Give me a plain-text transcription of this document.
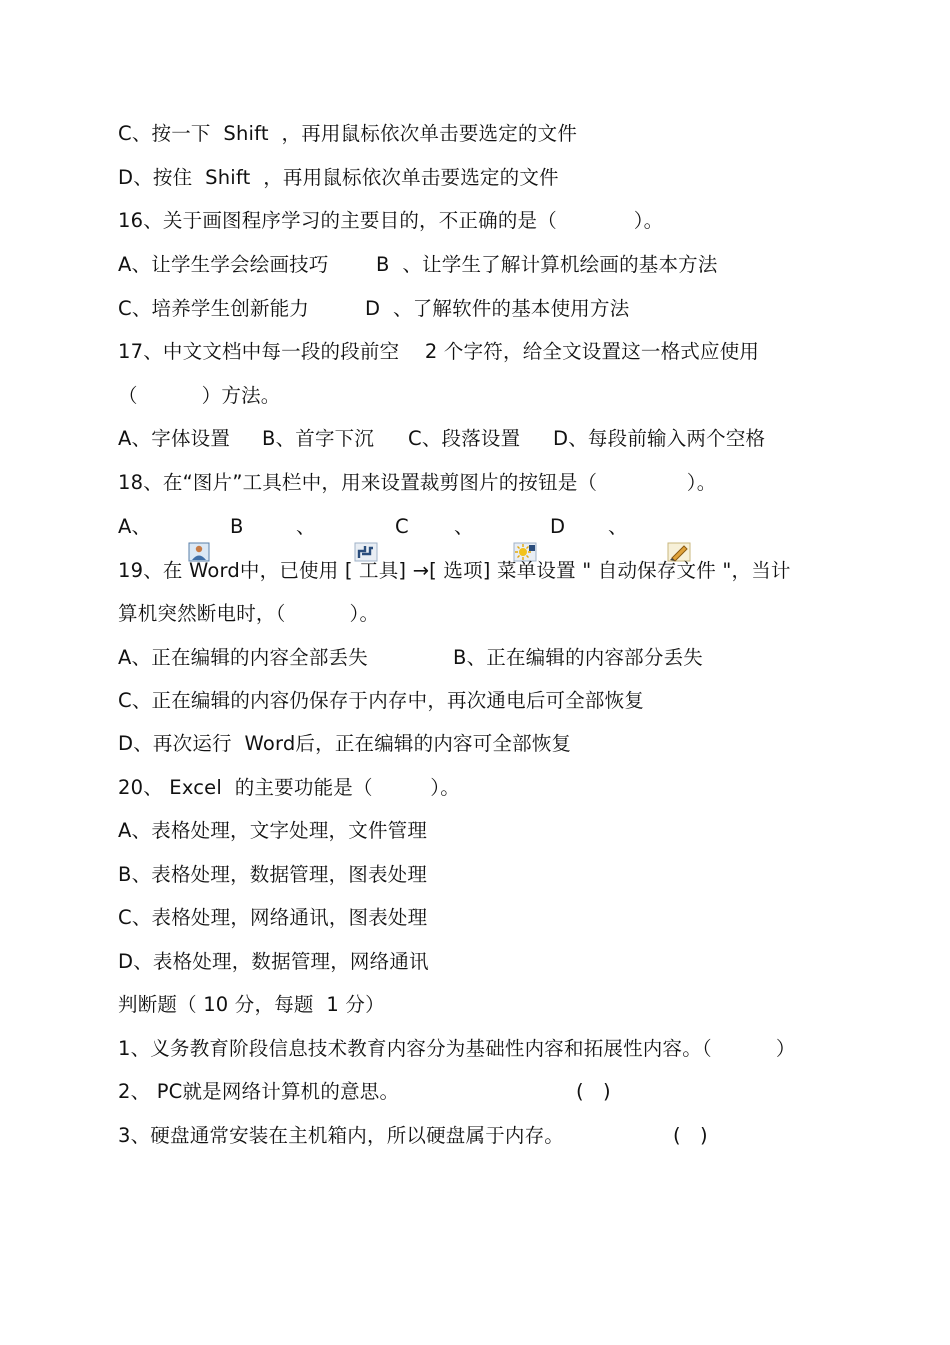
C、按一下  Shift  ，再用鼠标依次单击要选定的文件
D、按住  Shift  ，再用鼠标依次单击要选定的文件
16、关于画图程序学习的主要目的，不正确的是（            ）。

A、让学生学会绘画技巧

B  、让学生了解计算机绘画的基本方法

C、培养学生创新能力

	D  、了解软件的基本使用方法

17、中文文档中每一段的段前空    2 个字符，给全文设置这一格式应使用
（          ）方法。

A、字体设置

B、首字下沉

C、段落设置

D、每段前输入两个空格

18、在“图片”工具栏中，用来设置裁剪图片的按钮是（              ）。

A、

	B

	、

	C

、

	D

、

19、在 Word中，已使用 [ 工具] →[ 选项] 菜单设置 " 自动保存文件 "，当计
算机突然断电时，（          ）。

A、正在编辑的内容全部丢失

	B、正在编辑的内容部分丢失

C、正在编辑的内容仍保存于内存中，再次通电后可全部恢复
D、再次运行  Word后，正在编辑的内容可全部恢复
20、 Excel  的主要功能是（         ）。
A、表格处理，文字处理，文件管理
B、表格处理，数据管理，图表处理
C、表格处理，网络通讯，图表处理
D、表格处理，数据管理，网络通讯
判断题（ 10 分，每题  1 分）
1、义务教育阶段信息技术教育内容分为基础性内容和拓展性内容。（          ）

2、 PC就是网络计算机的意思。

	(   )

3、硬盘通常安装在主机箱内，所以硬盘属于内存。

	(   )
